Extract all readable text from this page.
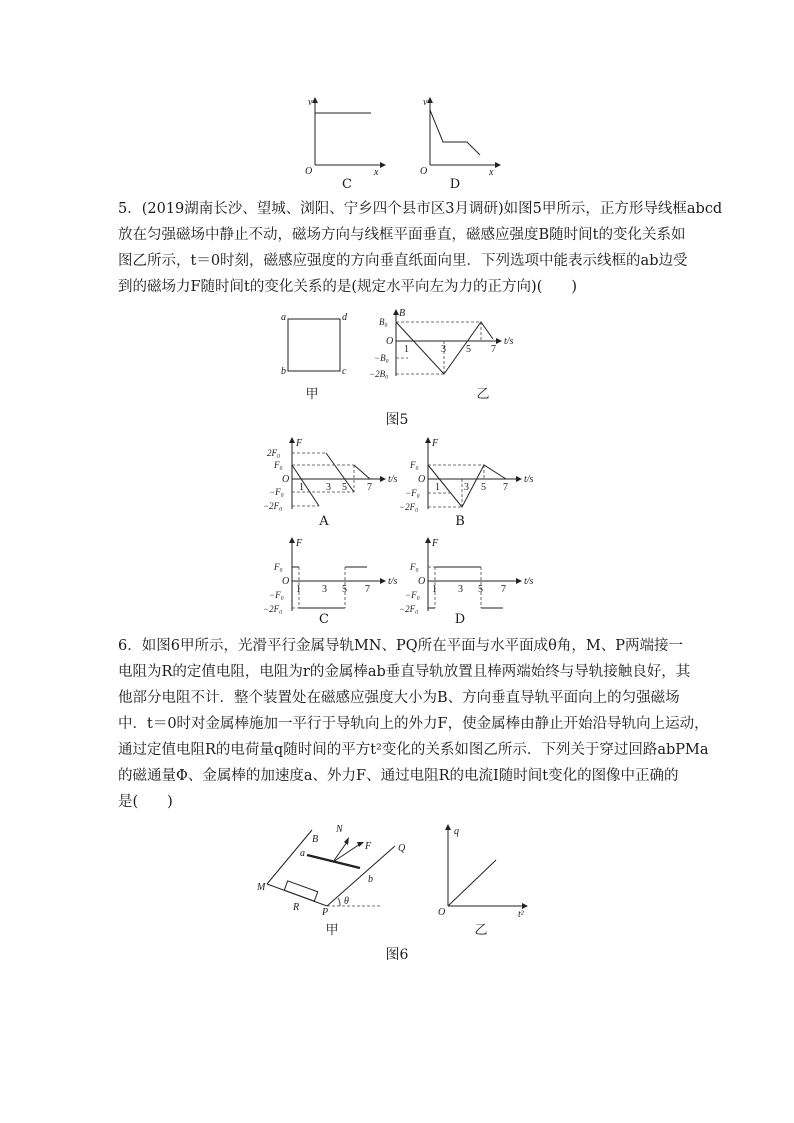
v
x
O
C
v
x
O
D
5．(2019湖南长沙、望城、浏阳、宁乡四个县市区3月调研)如图5甲所示，正方形导线框abcd
放在匀强磁场中静止不动，磁场方向与线框平面垂直，磁感应强度B随时间t的变化关系如
图乙所示，t＝0时刻，磁感应强度的方向垂直纸面向里．下列选项中能表示线框的ab边受
到的磁场力F随时间t的变化关系的是(规定水平向左为力的正方向)(　　)
a	d
b	c
甲
B
t/s
O
B₀
−B₀
−2B₀
1	3 5 7
乙
图5
F
t/s
O
2F₀
F₀
−F₀
−2F₀
1 3 5 7
A
F
t/s
O
F₀
−F₀
−2F₀
1 3 5 7
B
F
t/s
O
F₀
−F₀
−2F₀
1 3 5 7
C
F
t/s
O
F₀
−F₀
−2F₀
1 3 5 7
D
6．如图6甲所示，光滑平行金属导轨MN、PQ所在平面与水平面成θ角，M、P两端接一
电阻为R的定值电阻，电阻为r的金属棒ab垂直导轨放置且棒两端始终与导轨接触良好，其
他部分电阻不计．整个装置处在磁感应强度大小为B、方向垂直导轨平面向上的匀强磁场
中．t＝0时对金属棒施加一平行于导轨向上的外力F，使金属棒由静止开始沿导轨向上运动，
通过定值电阻R的电荷量q随时间的平方t²变化的关系如图乙所示．下列关于穿过回路abPMa
的磁通量Φ、金属棒的加速度a、外力F、通过电阻R的电流I随时间t变化的图像中正确的
是(　　)
B
N
F	Q
a
b
M
R P
θ
甲
q
t²
O
乙
图6
